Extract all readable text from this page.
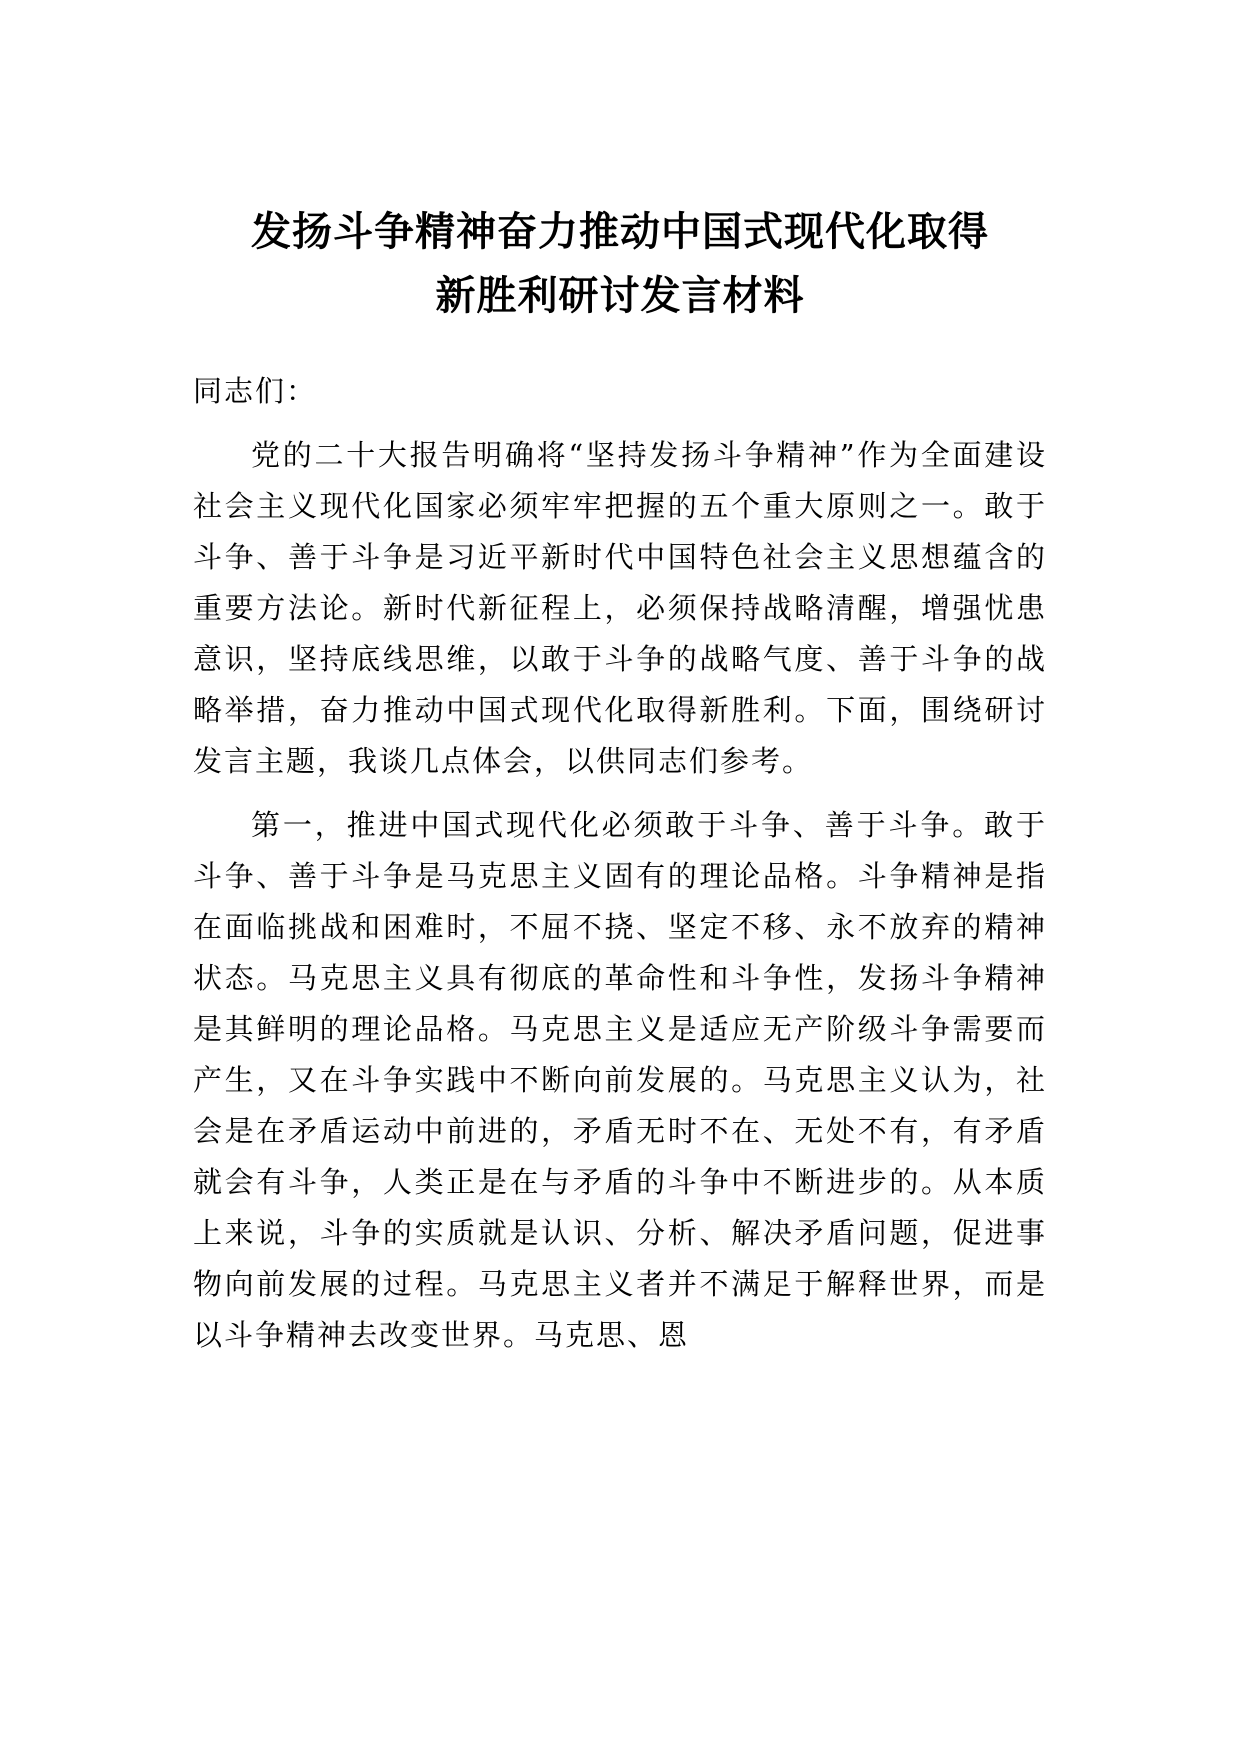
发扬斗争精神奋力推动中国式现代化取得
新胜利研讨发言材料

同志们：

党的二十大报告明确将“坚持发扬斗争精神”作为全面建设社会主义现代化国家必须牢牢把握的五个重大原则之一。敢于斗争、善于斗争是习近平新时代中国特色社会主义思想蕴含的重要方法论。新时代新征程上，必须保持战略清醒，增强忧患意识，坚持底线思维，以敢于斗争的战略气度、善于斗争的战略举措，奋力推动中国式现代化取得新胜利。下面，围绕研讨发言主题，我谈几点体会，以供同志们参考。

第一，推进中国式现代化必须敢于斗争、善于斗争。敢于斗争、善于斗争是马克思主义固有的理论品格。斗争精神是指在面临挑战和困难时，不屈不挠、坚定不移、永不放弃的精神状态。马克思主义具有彻底的革命性和斗争性，发扬斗争精神是其鲜明的理论品格。马克思主义是适应无产阶级斗争需要而产生，又在斗争实践中不断向前发展的。马克思主义认为，社会是在矛盾运动中前进的，矛盾无时不在、无处不有，有矛盾就会有斗争，人类正是在与矛盾的斗争中不断进步的。从本质上来说，斗争的实质就是认识、分析、解决矛盾问题，促进事物向前发展的过程。马克思主义者并不满足于解释世界，而是以斗争精神去改变世界。马克思、恩
